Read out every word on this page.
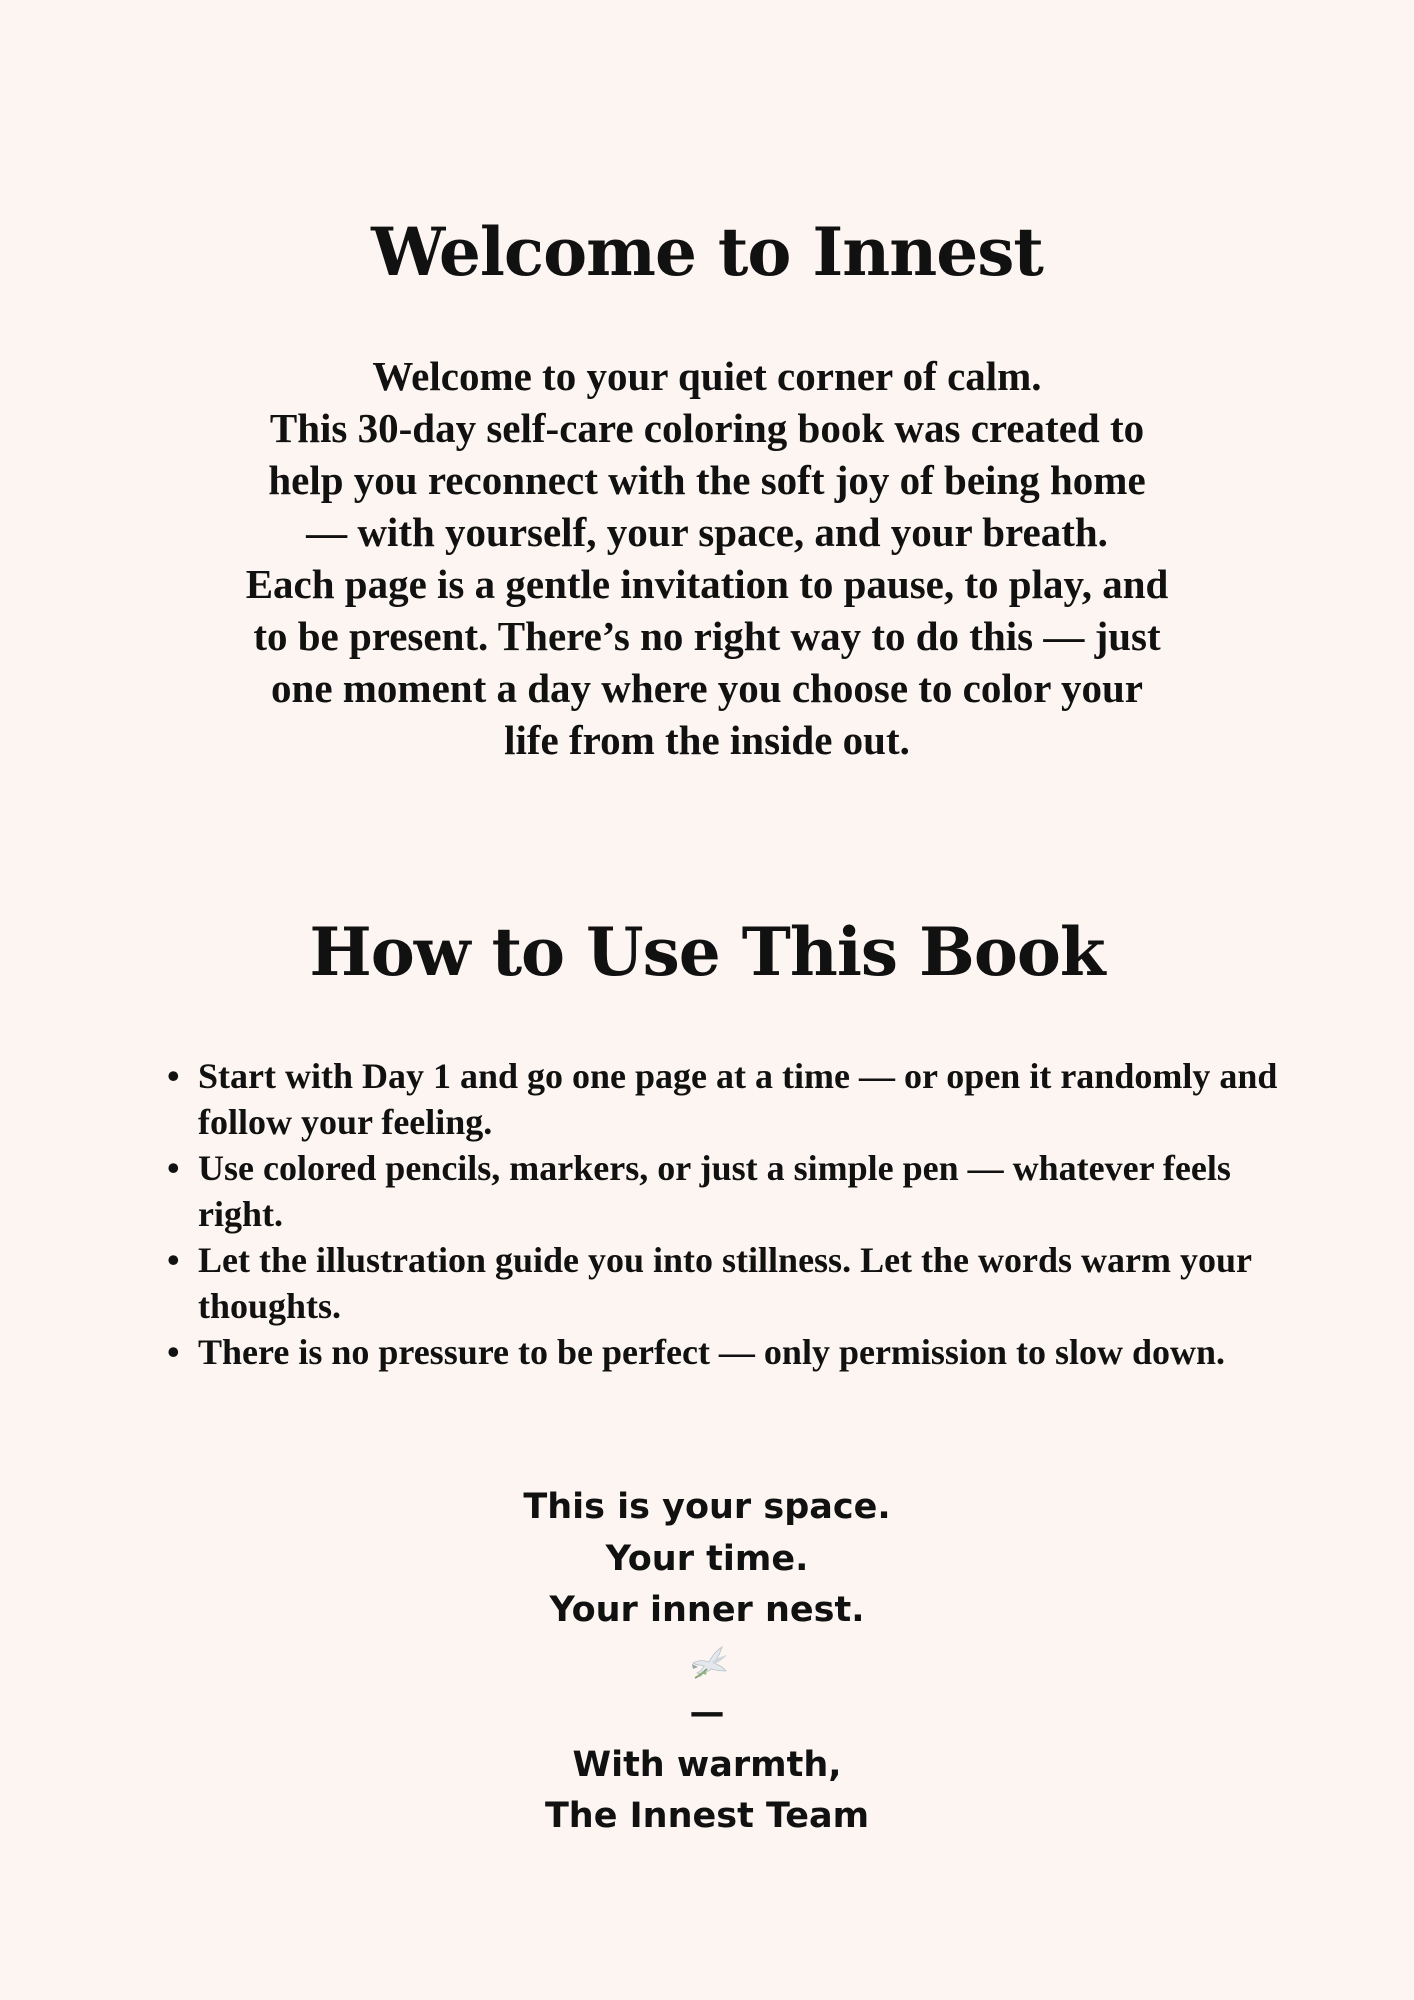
Welcome to Innest

Welcome to your quiet corner of calm.
This 30-day self-care coloring book was created to
help you reconnect with the soft joy of being home
— with yourself, your space, and your breath.
Each page is a gentle invitation to pause, to play, and
to be present. There’s no right way to do this — just
one moment a day where you choose to color your
life from the inside out.

How to Use This Book
• Start with Day 1 and go one page at a time — or open it randomly and follow your feeling.
• Use colored pencils, markers, or just a simple pen — whatever feels right.
• Let the illustration guide you into stillness. Let the words warm your thoughts.
• There is no pressure to be perfect — only permission to slow down.

This is your space.
Your time.
Your inner nest.
—
With warmth,
The Innest Team
